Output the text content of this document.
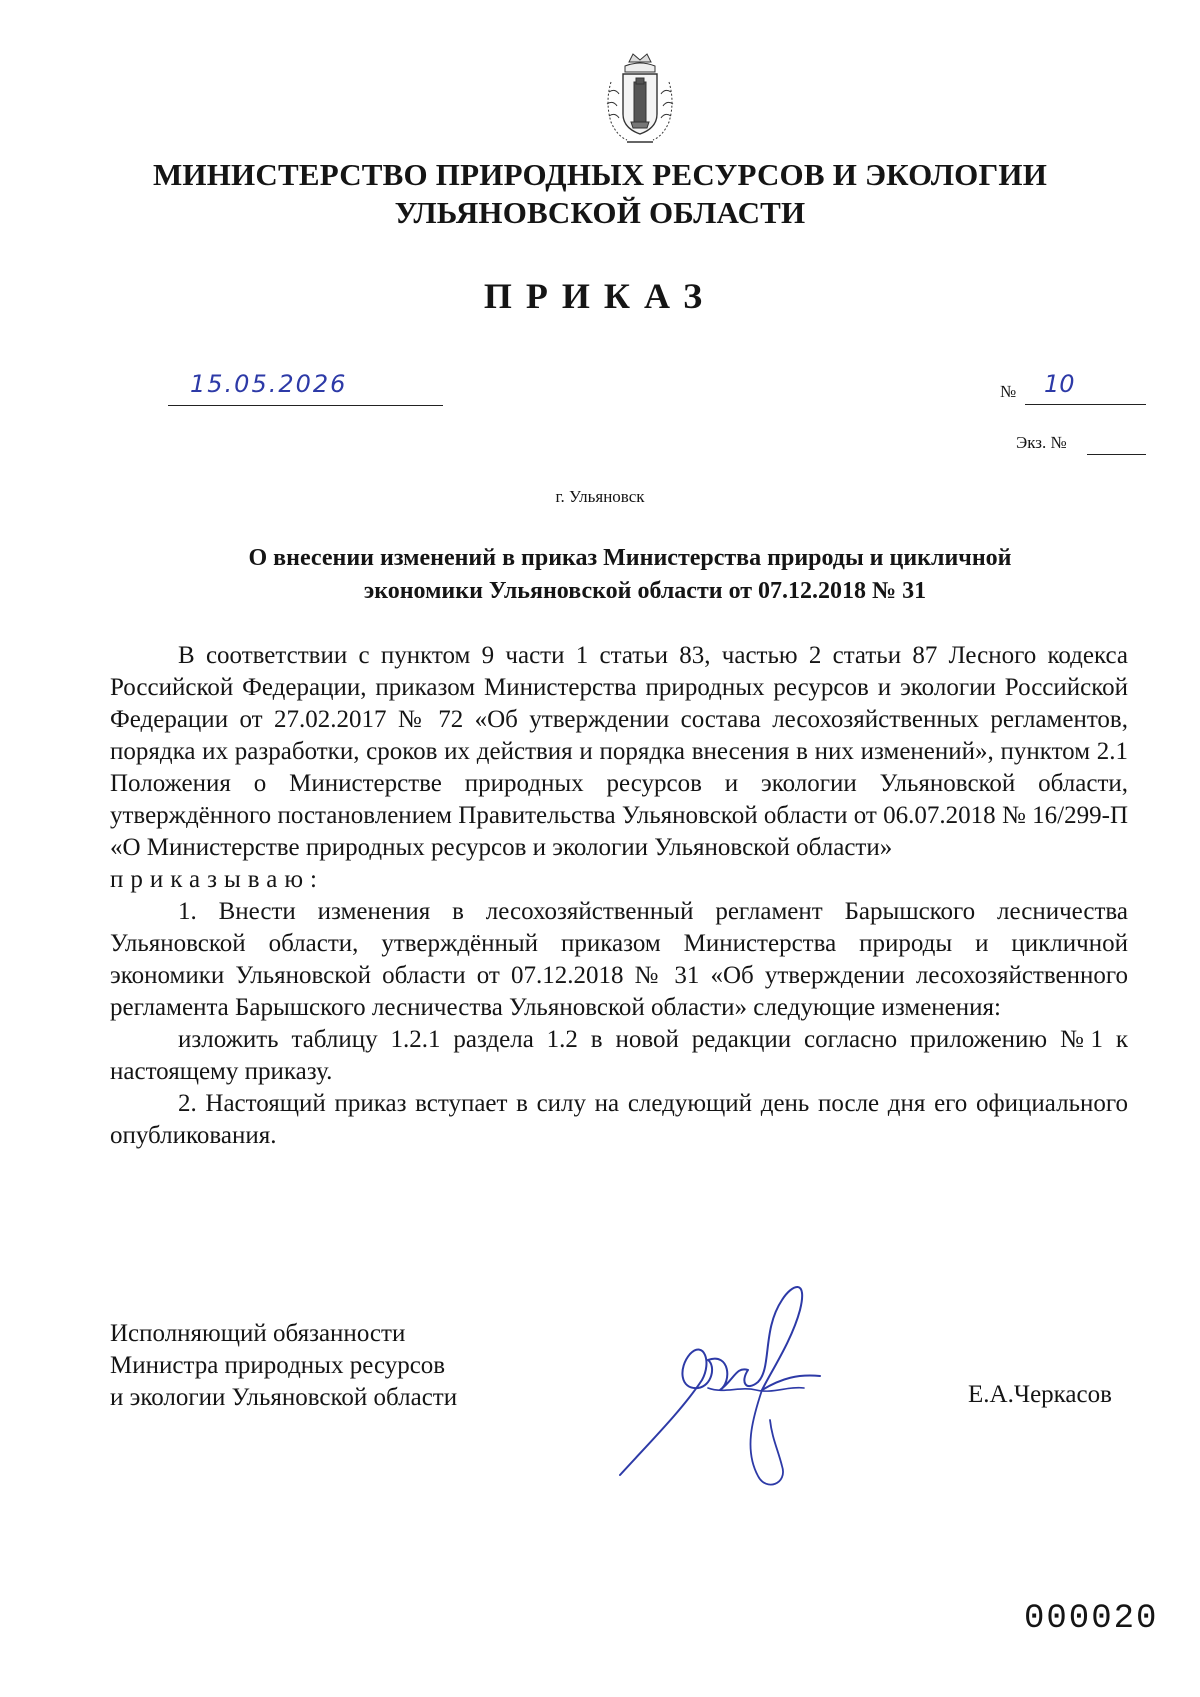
МИНИСТЕРСТВО ПРИРОДНЫХ РЕСУРСОВ И ЭКОЛОГИИ
УЛЬЯНОВСКОЙ ОБЛАСТИ
ПРИКАЗ
15.05.2026	№ 10
Экз. №
г. Ульяновск
О внесении изменений в приказ Министерства природы и цикличной
экономики Ульяновской области от 07.12.2018 № 31

В соответствии с пунктом 9 части 1 статьи 83, частью 2 статьи 87 Лесного кодекса Российской Федерации, приказом Министерства природных ресурсов и экологии Российской Федерации от 27.02.2017 № 72 «Об утверждении состава лесохозяйственных регламентов, порядка их разработки, сроков их действия и порядка внесения в них изменений», пунктом 2.1 Положения о Министерстве природных ресурсов и экологии Ульяновской области, утверждённого постановлением Правительства Ульяновской области от 06.07.2018 № 16/299-П «О Министерстве природных ресурсов и экологии Ульяновской области»

приказываю:

1. Внести изменения в лесохозяйственный регламент Барышского лесничества Ульяновской области, утверждённый приказом Министерства природы и цикличной экономики Ульяновской области от 07.12.2018 № 31 «Об утверждении лесохозяйственного регламента Барышского лесничества Ульяновской области» следующие изменения:

изложить таблицу 1.2.1 раздела 1.2 в новой редакции согласно приложению №1 к настоящему приказу.

2. Настоящий приказ вступает в силу на следующий день после дня его официального опубликования.

Исполняющий обязанности
Министра природных ресурсов
и экологии Ульяновской области	Е.А.Черкасов
000020
